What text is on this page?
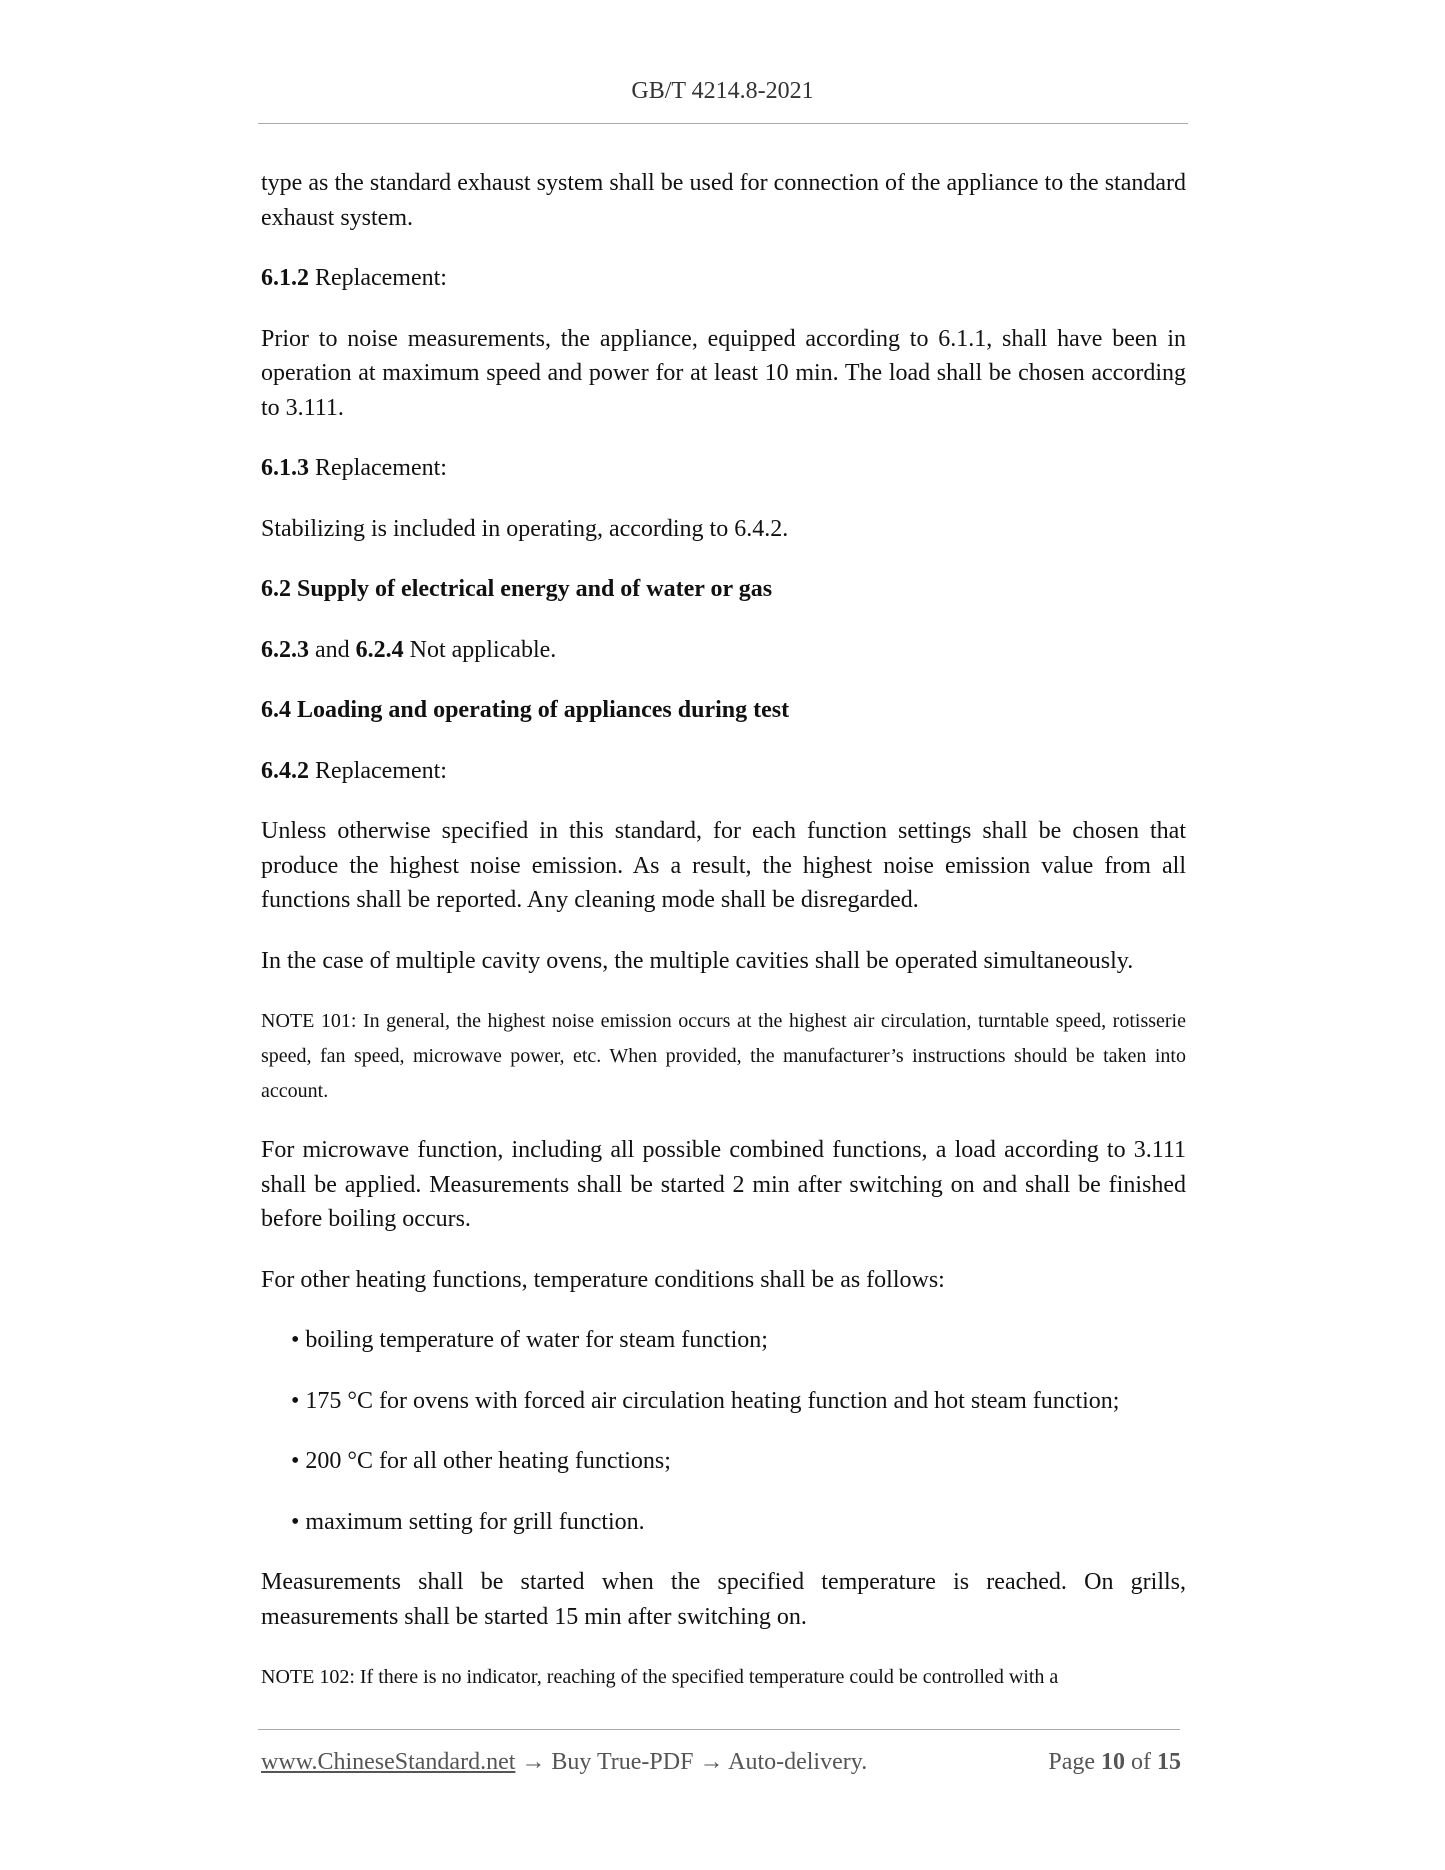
GB/T 4214.8-2021

type as the standard exhaust system shall be used for connection of the appliance to the standard exhaust system.

6.1.2 Replacement:

Prior to noise measurements, the appliance, equipped according to 6.1.1, shall have been in operation at maximum speed and power for at least 10 min. The load shall be chosen according to 3.111.

6.1.3 Replacement:

Stabilizing is included in operating, according to 6.4.2.

6.2 Supply of electrical energy and of water or gas

6.2.3 and 6.2.4 Not applicable.

6.4 Loading and operating of appliances during test

6.4.2 Replacement:

Unless otherwise specified in this standard, for each function settings shall be chosen that produce the highest noise emission. As a result, the highest noise emission value from all functions shall be reported. Any cleaning mode shall be disregarded.

In the case of multiple cavity ovens, the multiple cavities shall be operated simultaneously.

NOTE 101: In general, the highest noise emission occurs at the highest air circulation, turntable speed, rotisserie speed, fan speed, microwave power, etc. When provided, the manufacturer’s instructions should be taken into account.

For microwave function, including all possible combined functions, a load according to 3.111 shall be applied. Measurements shall be started 2 min after switching on and shall be finished before boiling occurs.

For other heating functions, temperature conditions shall be as follows:

• boiling temperature of water for steam function;

• 175 °C for ovens with forced air circulation heating function and hot steam function;

• 200 °C for all other heating functions;

• maximum setting for grill function.

Measurements shall be started when the specified temperature is reached. On grills, measurements shall be started 15 min after switching on.

NOTE 102: If there is no indicator, reaching of the specified temperature could be controlled with a

www.ChineseStandard.net → Buy True-PDF → Auto-delivery.	Page 10 of 15
